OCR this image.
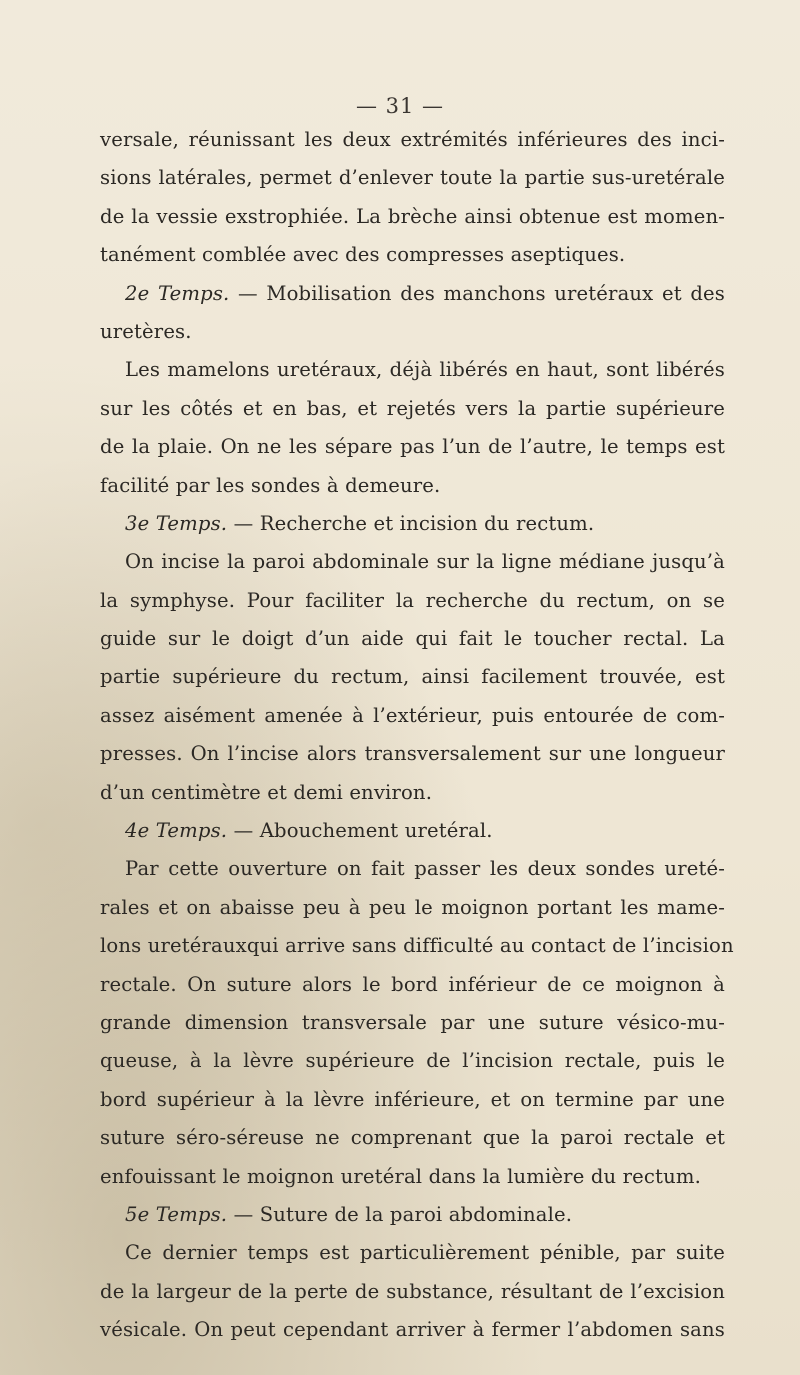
— 31 —
versale, réunissant les deux extrémités inférieures des inci-
sions latérales, permet d’enlever toute la partie sus-uretérale
de la vessie exstrophiée. La brèche ainsi obtenue est momen-
tanément comblée avec des compresses aseptiques.
2e Temps. — Mobilisation des manchons uretéraux et des
uretères.
Les mamelons uretéraux, déjà libérés en haut, sont libérés
sur les côtés et en bas, et rejetés vers la partie supérieure
de la plaie. On ne les sépare pas l’un de l’autre, le temps est
facilité par les sondes à demeure.
3e Temps. — Recherche et incision du rectum.
On incise la paroi abdominale sur la ligne médiane jusqu’à
la symphyse. Pour faciliter la recherche du rectum, on se
guide sur le doigt d’un aide qui fait le toucher rectal. La
partie supérieure du rectum, ainsi facilement trouvée, est
assez aisément amenée à l’extérieur, puis entourée de com-
presses. On l’incise alors transversalement sur une longueur
d’un centimètre et demi environ.
4e Temps. — Abouchement uretéral.
Par cette ouverture on fait passer les deux sondes ureté-
rales et on abaisse peu à peu le moignon portant les mame-
lons uretérauxqui arrive sans difficulté au contact de l’incision
rectale. On suture alors le bord inférieur de ce moignon à
grande dimension transversale par une suture vésico-mu-
queuse, à la lèvre supérieure de l’incision rectale, puis le
bord supérieur à la lèvre inférieure, et on termine par une
suture séro-séreuse ne comprenant que la paroi rectale et
enfouissant le moignon uretéral dans la lumière du rectum.
5e Temps. — Suture de la paroi abdominale.
Ce dernier temps est particulièrement pénible, par suite
de la largeur de la perte de substance, résultant de l’excision
vésicale. On peut cependant arriver à fermer l’abdomen sans
